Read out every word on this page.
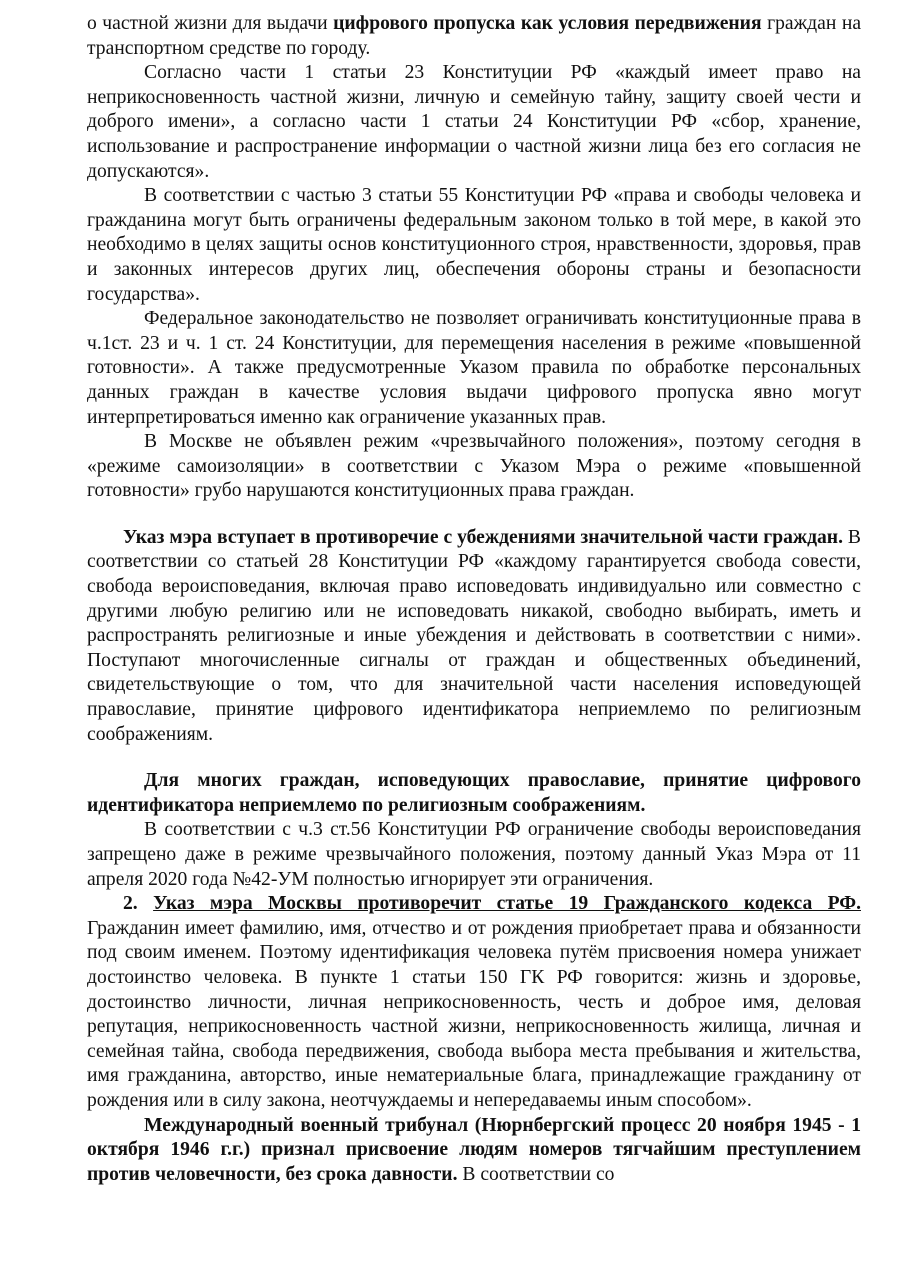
о частной жизни для выдачи цифрового пропуска как условия передвижения граждан на транспортном средстве по городу.

Согласно части 1 статьи 23 Конституции РФ «каждый имеет право на неприкосновенность частной жизни, личную и семейную тайну, защиту своей чести и доброго имени», а согласно части 1 статьи 24 Конституции РФ «сбор, хранение, использование и распространение информации о частной жизни лица без его согласия не допускаются».

В соответствии с частью 3 статьи 55 Конституции РФ «права и свободы человека и гражданина могут быть ограничены федеральным законом только в той мере, в какой это необходимо в целях защиты основ конституционного строя, нравственности, здоровья, прав и законных интересов других лиц, обеспечения обороны страны и безопасности государства».

Федеральное законодательство не позволяет ограничивать конституционные права в ч.1ст. 23 и ч. 1 ст. 24 Конституции, для перемещения населения в режиме «повышенной готовности». А также предусмотренные Указом правила по обработке персональных данных граждан в качестве условия выдачи цифрового пропуска явно могут интерпретироваться именно как ограничение указанных прав.

В Москве не объявлен режим «чрезвычайного положения», поэтому сегодня в «режиме самоизоляции» в соответствии с Указом Мэра о режиме «повышенной готовности» грубо нарушаются конституционных права граждан.

Указ мэра вступает в противоречие с убеждениями значительной части граждан. В соответствии со статьей 28 Конституции РФ «каждому гарантируется свобода совести, свобода вероисповедания, включая право исповедовать индивидуально или совместно с другими любую религию или не исповедовать никакой, свободно выбирать, иметь и распространять религиозные и иные убеждения и действовать в соответствии с ними». Поступают многочисленные сигналы от граждан и общественных объединений, свидетельствующие о том, что для значительной части населения исповедующей православие, принятие цифрового идентификатора неприемлемо по религиозным соображениям.

Для многих граждан, исповедующих православие, принятие цифрового идентификатора неприемлемо по религиозным соображениям.

В соответствии с ч.3 ст.56 Конституции РФ ограничение свободы вероисповедания запрещено даже в режиме чрезвычайного положения, поэтому данный Указ Мэра от 11 апреля 2020 года №42-УМ полностью игнорирует эти ограничения.

2. Указ мэра Москвы противоречит статье 19 Гражданского кодекса РФ. Гражданин имеет фамилию, имя, отчество и от рождения приобретает права и обязанности под своим именем. Поэтому идентификация человека путём присвоения номера унижает достоинство человека. В пункте 1 статьи 150 ГК РФ говорится: жизнь и здоровье, достоинство личности, личная неприкосновенность, честь и доброе имя, деловая репутация, неприкосновенность частной жизни, неприкосновенность жилища, личная и семейная тайна, свобода передвижения, свобода выбора места пребывания и жительства, имя гражданина, авторство, иные нематериальные блага, принадлежащие гражданину от рождения или в силу закона, неотчуждаемы и непередаваемы иным способом».

Международный военный трибунал (Нюрнбергский процесс 20 ноября 1945 - 1 октября 1946 г.г.) признал присвоение людям номеров тягчайшим преступлением против человечности, без срока давности. В соответствии со
